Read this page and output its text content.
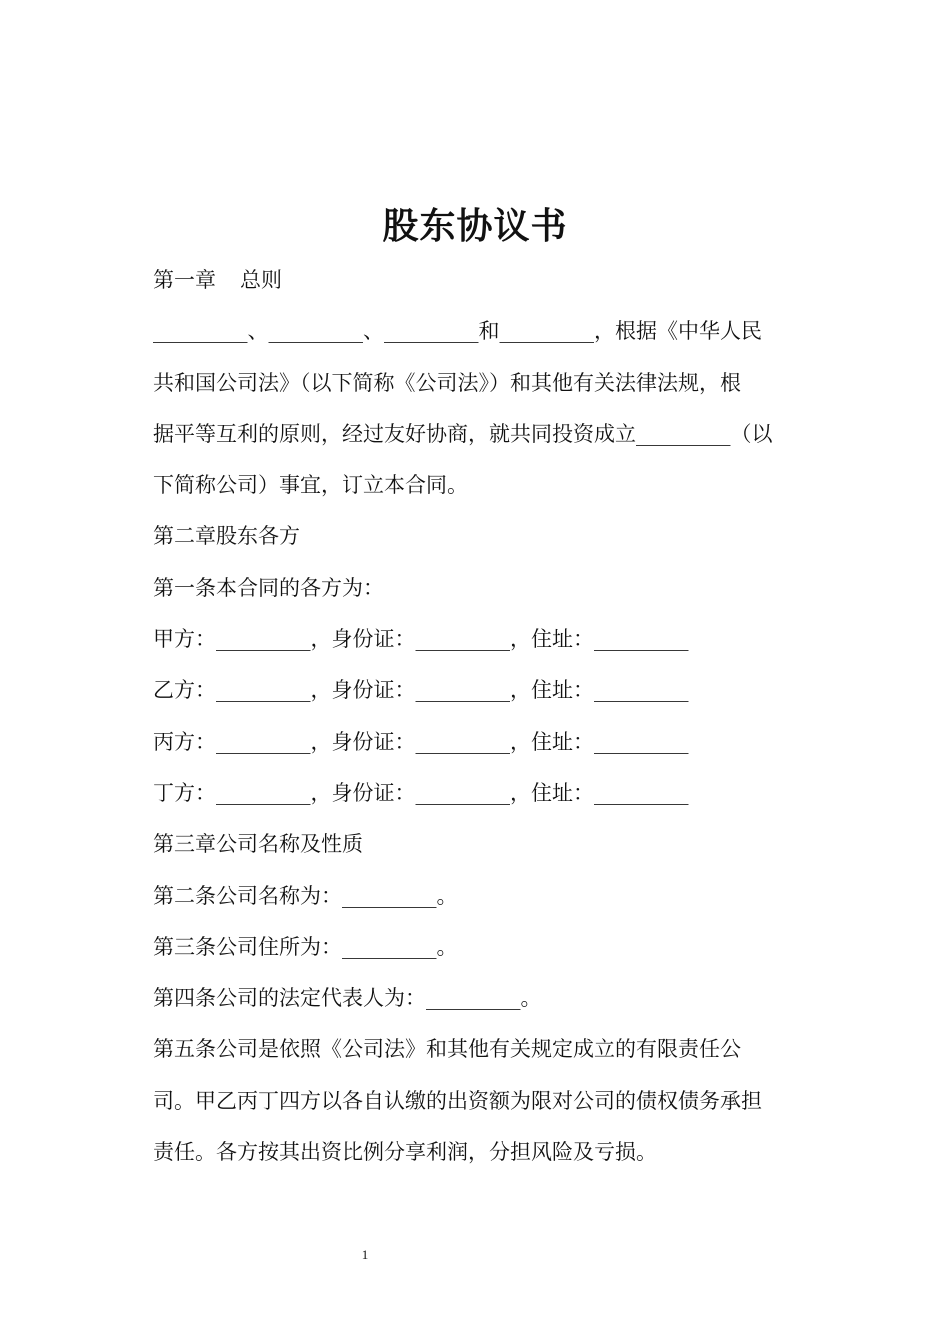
股东协议书
第一章 总则
_________、_________、_________和_________，根据《中华人民
共和国公司法》（以下简称《公司法》）和其他有关法律法规，根
据平等互利的原则，经过友好协商，就共同投资成立_________（以
下简称公司）事宜，订立本合同。
第二章股东各方
第一条本合同的各方为：
甲方：_________，身份证：_________，住址：_________
乙方：_________，身份证：_________，住址：_________
丙方：_________，身份证：_________，住址：_________
丁方：_________，身份证：_________，住址：_________
第三章公司名称及性质
第二条公司名称为：_________。
第三条公司住所为：_________。
第四条公司的法定代表人为：_________。
第五条公司是依照《公司法》和其他有关规定成立的有限责任公
司。甲乙丙丁四方以各自认缴的出资额为限对公司的债权债务承担
责任。各方按其出资比例分享利润，分担风险及亏损。
1
